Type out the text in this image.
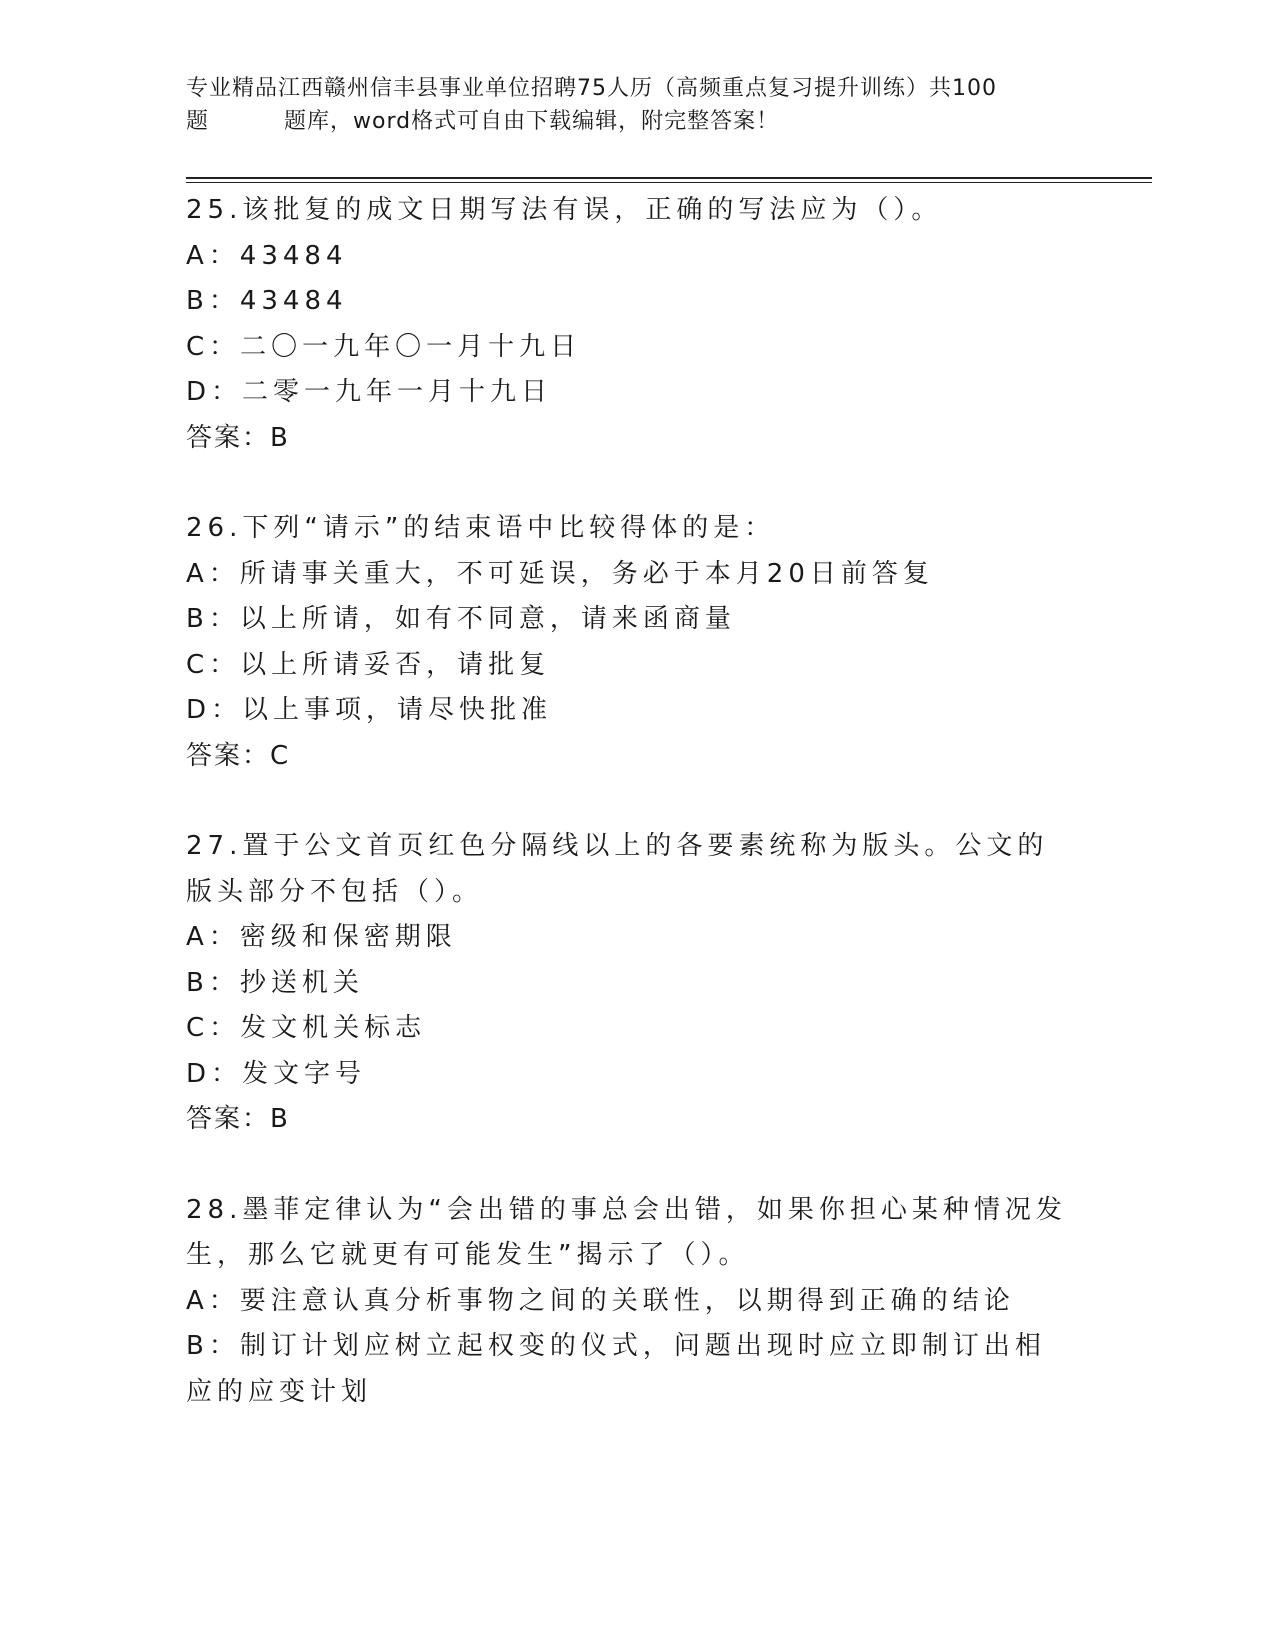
专业精品江西赣州信丰县事业单位招聘75人历（高频重点复习提升训练）共100
题	题库，word格式可自由下载编辑，附完整答案！
25.该批复的成文日期写法有误，正确的写法应为（）。
A：43484
B：43484
C：二〇一九年〇一月十九日
D：二零一九年一月十九日
答案：B
26.下列“请示”的结束语中比较得体的是：
A：所请事关重大，不可延误，务必于本月20日前答复
B：以上所请，如有不同意，请来函商量
C：以上所请妥否，请批复
D：以上事项，请尽快批准
答案：C
27.置于公文首页红色分隔线以上的各要素统称为版头。公文的版头部分不包括（）。
A：密级和保密期限
B：抄送机关
C：发文机关标志
D：发文字号
答案：B
28.墨菲定律认为“会出错的事总会出错，如果你担心某种情况发生，那么它就更有可能发生”揭示了（）。
A：要注意认真分析事物之间的关联性，以期得到正确的结论
B：制订计划应树立起权变的仪式，问题出现时应立即制订出相应的应变计划
